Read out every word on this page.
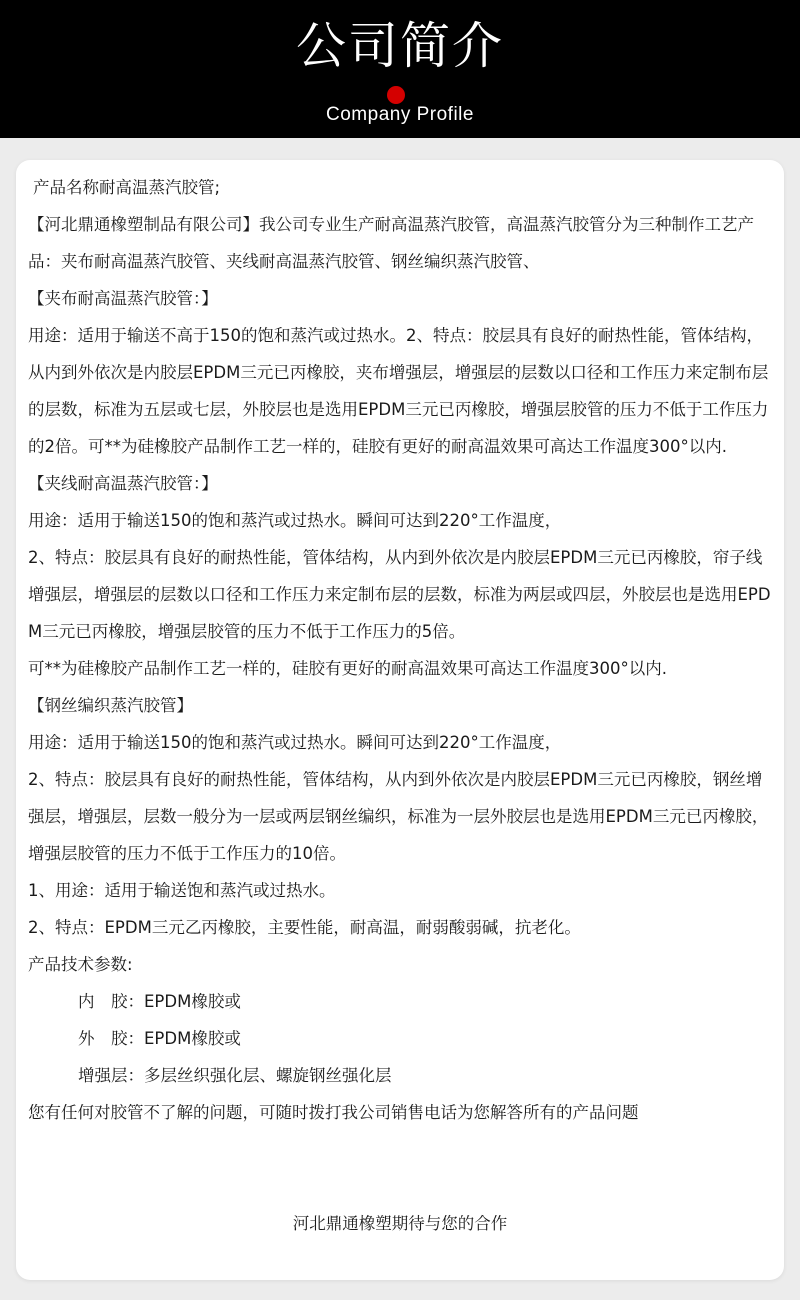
公司简介
Company Profile

产品名称耐高温蒸汽胶管;

【河北鼎通橡塑制品有限公司】我公司专业生产耐高温蒸汽胶管，高温蒸汽胶管分为三种制作工艺产品：夹布耐高温蒸汽胶管、夹线耐高温蒸汽胶管、钢丝编织蒸汽胶管、

【夹布耐高温蒸汽胶管：】

用途：适用于输送不高于150的饱和蒸汽或过热水。2、特点：胶层具有良好的耐热性能，管体结构，从内到外依次是内胶层EPDM三元已丙橡胶，夹布增强层，增强层的层数以口径和工作压力来定制布层的层数，标准为五层或七层，外胶层也是选用EPDM三元已丙橡胶，增强层胶管的压力不低于工作压力的2倍。可**为硅橡胶产品制作工艺一样的，硅胶有更好的耐高温效果可高达工作温度300°以内.

【夹线耐高温蒸汽胶管：】

用途：适用于输送150的饱和蒸汽或过热水。瞬间可达到220°工作温度，

2、特点：胶层具有良好的耐热性能，管体结构，从内到外依次是内胶层EPDM三元已丙橡胶，帘子线增强层，增强层的层数以口径和工作压力来定制布层的层数，标准为两层或四层，外胶层也是选用EPDM三元已丙橡胶，增强层胶管的压力不低于工作压力的5倍。

可**为硅橡胶产品制作工艺一样的，硅胶有更好的耐高温效果可高达工作温度300°以内.

【钢丝编织蒸汽胶管】

用途：适用于输送150的饱和蒸汽或过热水。瞬间可达到220°工作温度，

2、特点：胶层具有良好的耐热性能，管体结构，从内到外依次是内胶层EPDM三元已丙橡胶，钢丝增强层，增强层，层数一般分为一层或两层钢丝编织，标准为一层外胶层也是选用EPDM三元已丙橡胶，增强层胶管的压力不低于工作压力的10倍。

1、用途：适用于输送饱和蒸汽或过热水。

2、特点：EPDM三元乙丙橡胶，主要性能，耐高温，耐弱酸弱碱，抗老化。

产品技术参数:

内　胶：EPDM橡胶或

外　胶：EPDM橡胶或

增强层：多层丝织强化层、螺旋钢丝强化层

您有任何对胶管不了解的问题，可随时拨打我公司销售电话为您解答所有的产品问题

河北鼎通橡塑期待与您的合作
